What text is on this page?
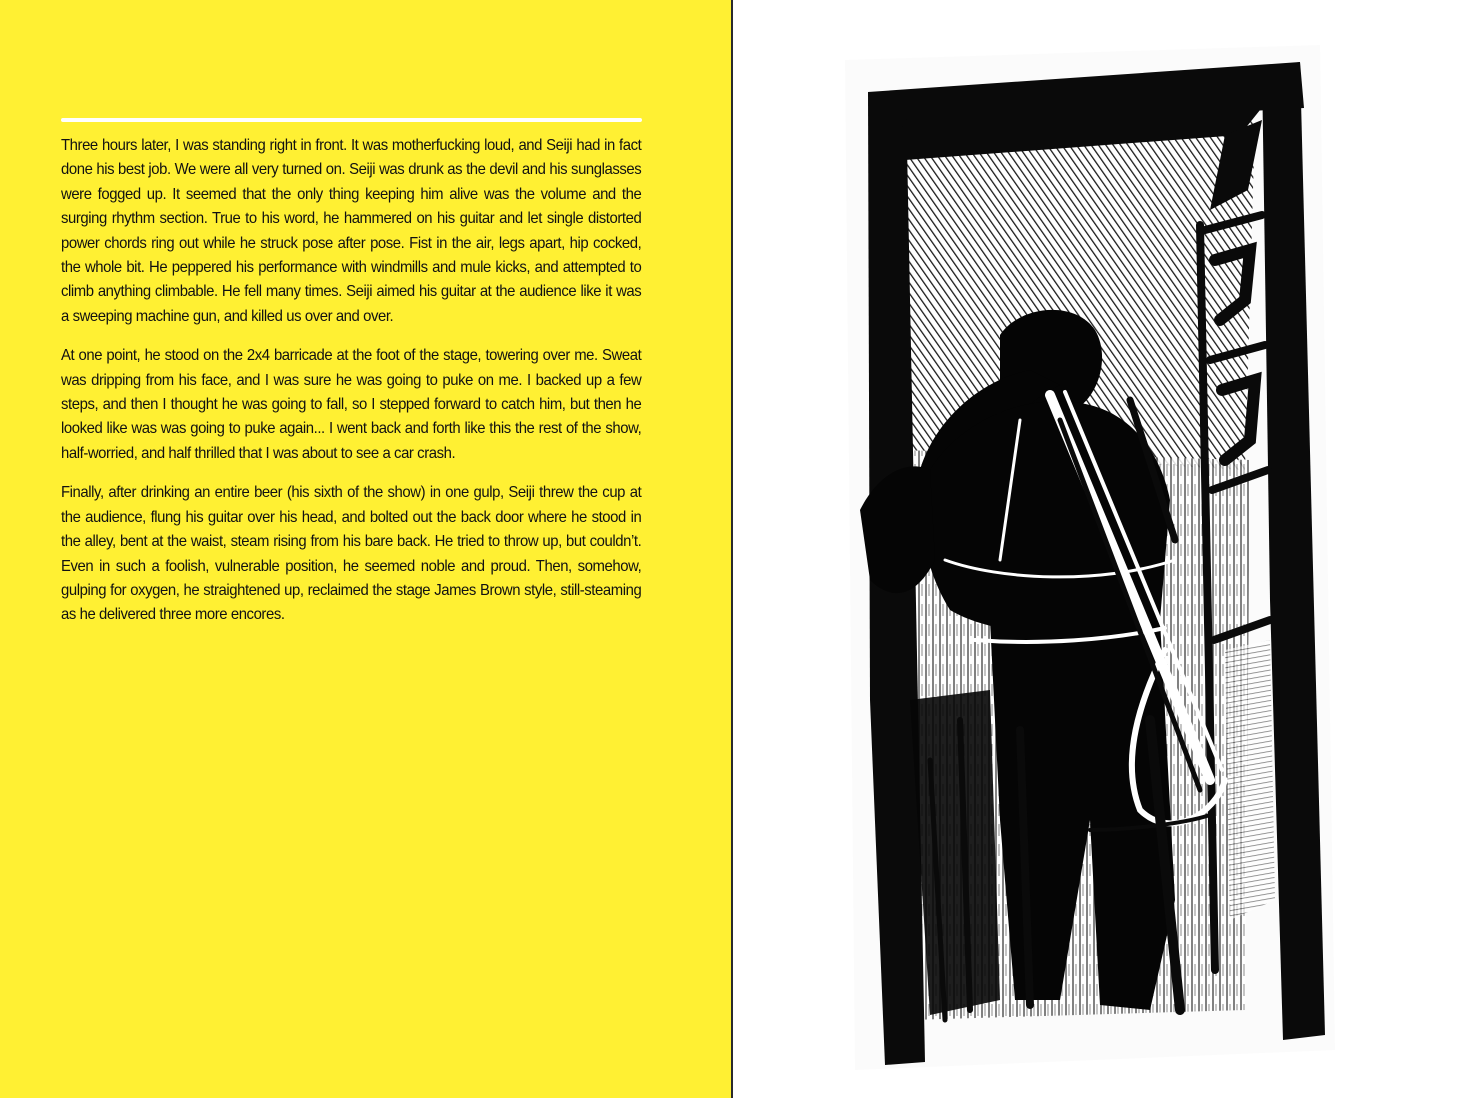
Three hours later, I was standing right in front. It was motherfucking loud, and Seiji had in fact done his best job. We were all very turned on. Seiji was drunk as the devil and his sunglasses were fogged up. It seemed that the only thing keeping him alive was the volume and the surging rhythm section. True to his word, he hammered on his guitar and let single distorted power chords ring out while he struck pose after pose. Fist in the air, legs apart, hip cocked, the whole bit. He peppered his performance with windmills and mule kicks, and attempted to climb anything climbable. He fell many times. Seiji aimed his guitar at the audience like it was a sweeping machine gun, and killed us over and over.

At one point, he stood on the 2x4 barricade at the foot of the stage, towering over me. Sweat was dripping from his face, and I was sure he was going to puke on me. I backed up a few steps, and then I thought he was going to fall, so I stepped forward to catch him, but then he looked like was was going to puke again... I went back and forth like this the rest of the show, half-worried, and half thrilled that I was about to see a car crash.

Finally, after drinking an entire beer (his sixth of the show) in one gulp, Seiji threw the cup at the audience, flung his guitar over his head, and bolted out the back door where he stood in the alley, bent at the waist, steam rising from his bare back. He tried to throw up, but couldn’t. Even in such a foolish, vulnerable position, he seemed noble and proud. Then, somehow, gulping for oxygen, he straightened up, reclaimed the stage James Brown style, still-steaming as he delivered three more encores.
